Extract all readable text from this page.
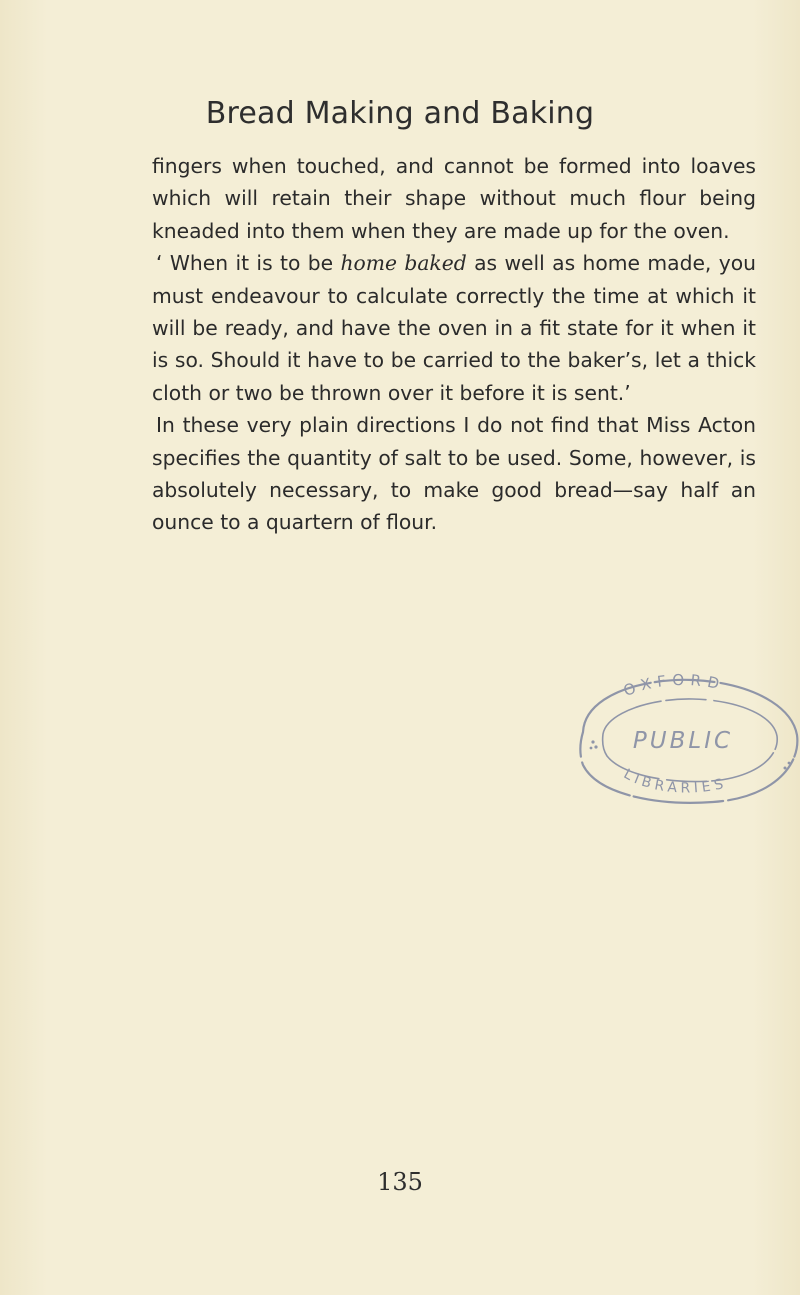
Bread Making and Baking

fingers when touched, and cannot be formed into loaves which will retain their shape without much flour being kneaded into them when they are made up for the oven.

‘ When it is to be home baked as well as home made, you must endeavour to calculate correctly the time at which it will be ready, and have the oven in a fit state for it when it is so. Should it have to be carried to the baker’s, let a thick cloth or two be thrown over it before it is sent.’

In these very plain directions I do not find that Miss Acton specifies the quantity of salt to be used. Some, however, is absolutely necessary, to make good bread—say half an ounce to a quartern of flour.

OXFORD
PUBLIC
LIBRARIES
135
